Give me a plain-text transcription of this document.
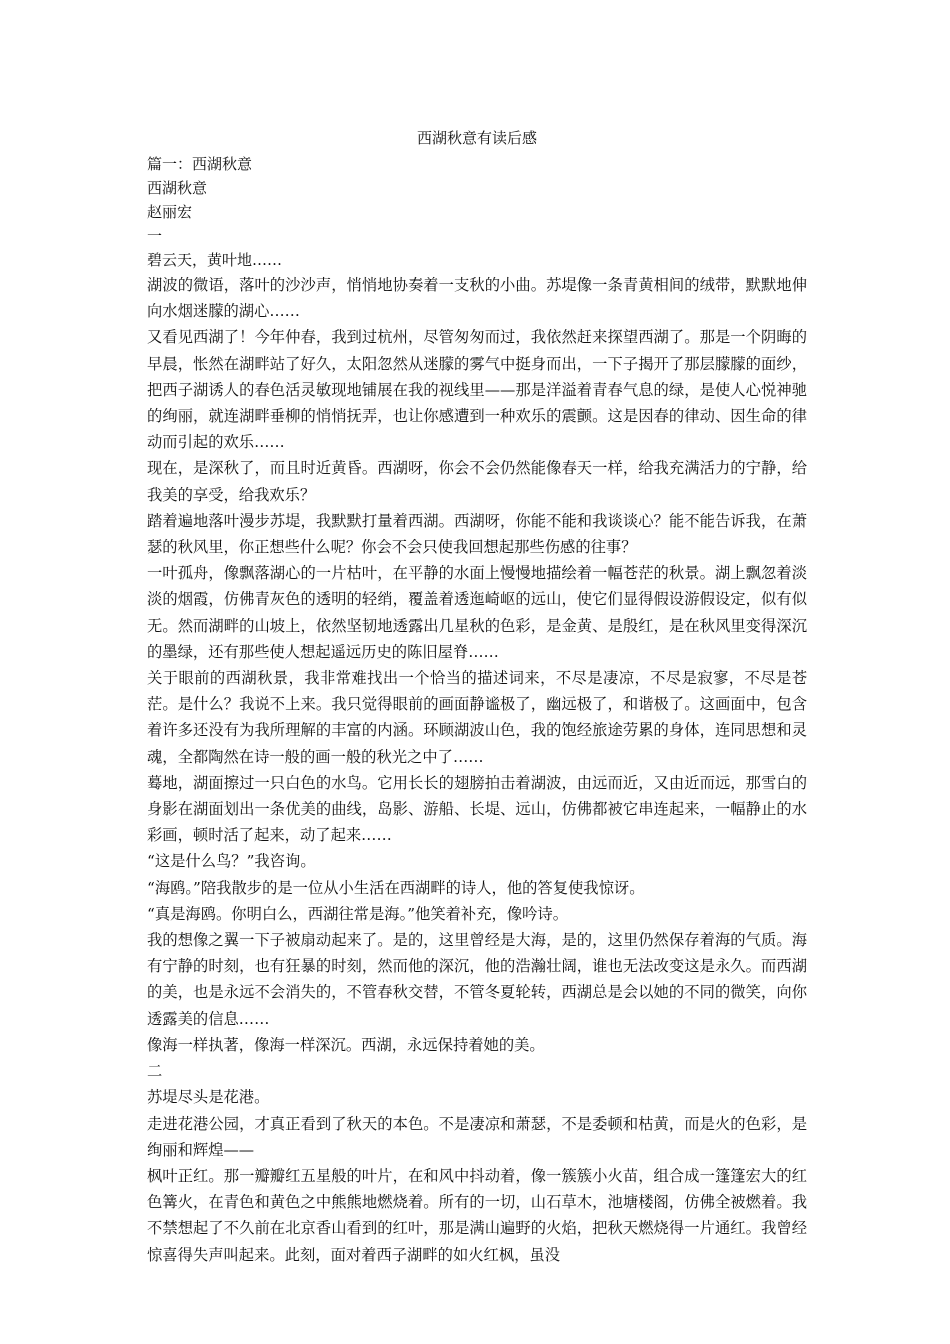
西湖秋意有读后感
篇一：西湖秋意
西湖秋意
赵丽宏
一
碧云天，黄叶地……

湖波的微语，落叶的沙沙声，悄悄地协奏着一支秋的小曲。苏堤像一条青黄相间的绒带，默默地伸向水烟迷朦的湖心……

又看见西湖了！今年仲春，我到过杭州，尽管匆匆而过，我依然赶来探望西湖了。那是一个阴晦的早晨，怅然在湖畔站了好久，太阳忽然从迷朦的雾气中挺身而出，一下子揭开了那层朦朦的面纱，把西子湖诱人的春色活灵敏现地铺展在我的视线里——那是洋溢着青春气息的绿，是使人心悦神驰的绚丽，就连湖畔垂柳的悄悄抚弄，也让你感遭到一种欢乐的震颤。这是因春的律动、因生命的律动而引起的欢乐……

现在，是深秋了，而且时近黄昏。西湖呀，你会不会仍然能像春天一样，给我充满活力的宁静，给我美的享受，给我欢乐？

踏着遍地落叶漫步苏堤，我默默打量着西湖。西湖呀，你能不能和我谈谈心？能不能告诉我，在萧瑟的秋风里，你正想些什么呢？你会不会只使我回想起那些伤感的往事？

一叶孤舟，像飘落湖心的一片枯叶，在平静的水面上慢慢地描绘着一幅苍茫的秋景。湖上飘忽着淡淡的烟霞，仿佛青灰色的透明的轻绡，覆盖着透迤崎岖的远山，使它们显得假设游假设定，似有似无。然而湖畔的山坡上，依然坚韧地透露出几星秋的色彩，是金黄、是殷红，是在秋风里变得深沉的墨绿，还有那些使人想起遥远历史的陈旧屋脊……

关于眼前的西湖秋景，我非常难找出一个恰当的描述词来，不尽是凄凉，不尽是寂寥，不尽是苍茫。是什么？我说不上来。我只觉得眼前的画面静谧极了，幽远极了，和谐极了。这画面中，包含着许多还没有为我所理解的丰富的内涵。环顾湖波山色，我的饱经旅途劳累的身体，连同思想和灵魂，全都陶然在诗一般的画一般的秋光之中了……

蓦地，湖面擦过一只白色的水鸟。它用长长的翅膀拍击着湖波，由远而近，又由近而远，那雪白的身影在湖面划出一条优美的曲线，岛影、游船、长堤、远山，仿佛都被它串连起来，一幅静止的水彩画，顿时活了起来，动了起来……

“这是什么鸟？”我咨询。

“海鸥。”陪我散步的是一位从小生活在西湖畔的诗人，他的答复使我惊讶。

“真是海鸥。你明白么，西湖往常是海。”他笑着补充，像吟诗。

我的想像之翼一下子被扇动起来了。是的，这里曾经是大海，是的，这里仍然保存着海的气质。海有宁静的时刻，也有狂暴的时刻，然而他的深沉，他的浩瀚壮阔，谁也无法改变这是永久。而西湖的美，也是永远不会消失的，不管春秋交替，不管冬夏轮转，西湖总是会以她的不同的微笑，向你透露美的信息……

像海一样执著，像海一样深沉。西湖，永远保持着她的美。

二

苏堤尽头是花港。

走进花港公园，才真正看到了秋天的本色。不是凄凉和萧瑟，不是委顿和枯黄，而是火的色彩，是绚丽和辉煌——

枫叶正红。那一瓣瓣红五星般的叶片，在和风中抖动着，像一簇簇小火苗，组合成一篷篷宏大的红色篝火，在青色和黄色之中熊熊地燃烧着。所有的一切，山石草木，池塘楼阁，仿佛全被燃着。我不禁想起了不久前在北京香山看到的红叶，那是满山遍野的火焰，把秋天燃烧得一片通红。我曾经惊喜得失声叫起来。此刻，面对着西子湖畔的如火红枫，虽没
